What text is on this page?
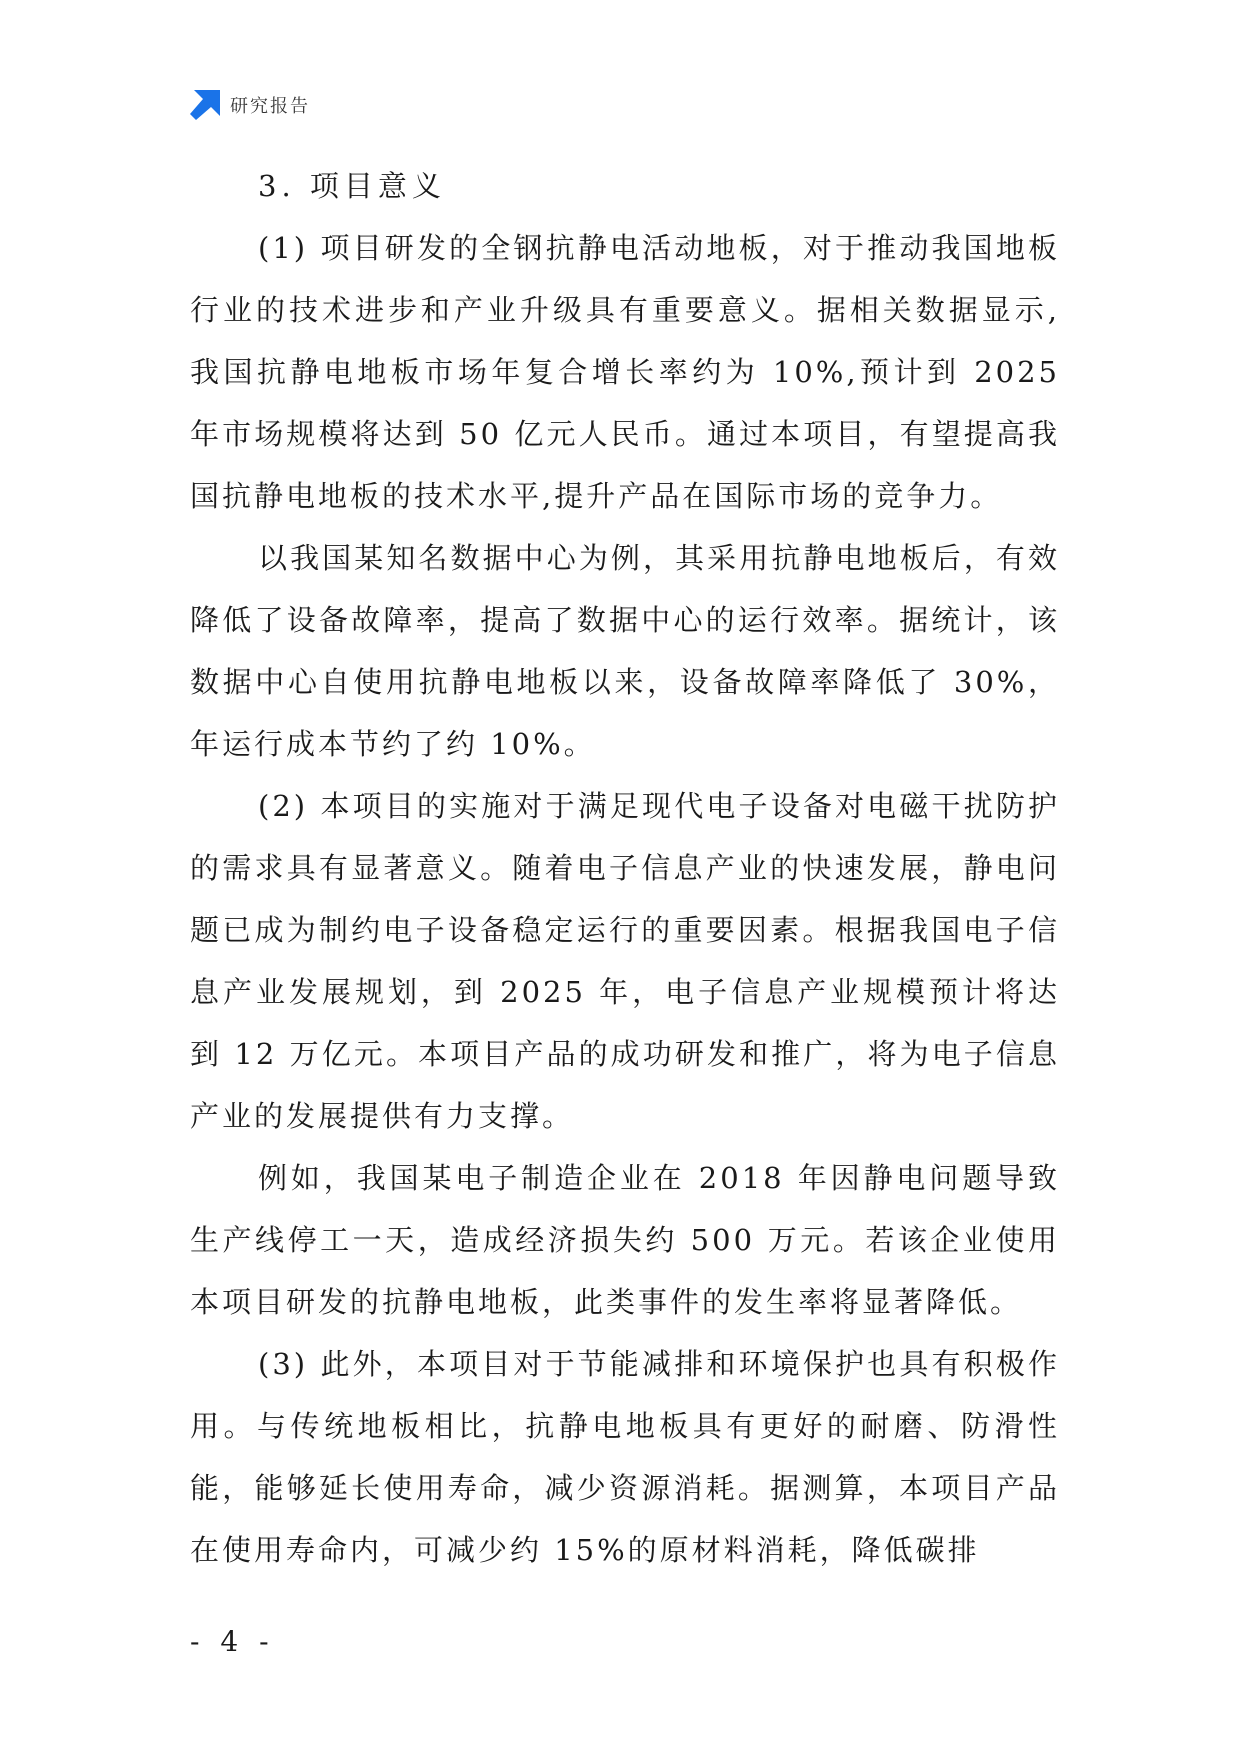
研究报告
3. 项目意义

(1) 项目研发的全钢抗静电活动地板，对于推动我国地板行业的技术进步和产业升级具有重要意义。据相关数据显示,我国抗静电地板市场年复合增长率约为 10%,预计到 2025 年市场规模将达到 50 亿元人民币。通过本项目，有望提高我国抗静电地板的技术水平,提升产品在国际市场的竞争力。

以我国某知名数据中心为例，其采用抗静电地板后，有效降低了设备故障率，提高了数据中心的运行效率。据统计，该数据中心自使用抗静电地板以来，设备故障率降低了 30%，年运行成本节约了约 10%。

(2) 本项目的实施对于满足现代电子设备对电磁干扰防护的需求具有显著意义。随着电子信息产业的快速发展，静电问题已成为制约电子设备稳定运行的重要因素。根据我国电子信息产业发展规划，到 2025 年，电子信息产业规模预计将达到 12 万亿元。本项目产品的成功研发和推广，将为电子信息产业的发展提供有力支撑。

例如，我国某电子制造企业在 2018 年因静电问题导致生产线停工一天，造成经济损失约 500 万元。若该企业使用本项目研发的抗静电地板，此类事件的发生率将显著降低。

(3) 此外，本项目对于节能减排和环境保护也具有积极作用。与传统地板相比，抗静电地板具有更好的耐磨、防滑性能，能够延长使用寿命，减少资源消耗。据测算，本项目产品在使用寿命内，可减少约 15%的原材料消耗，降低碳排

- 4 -
